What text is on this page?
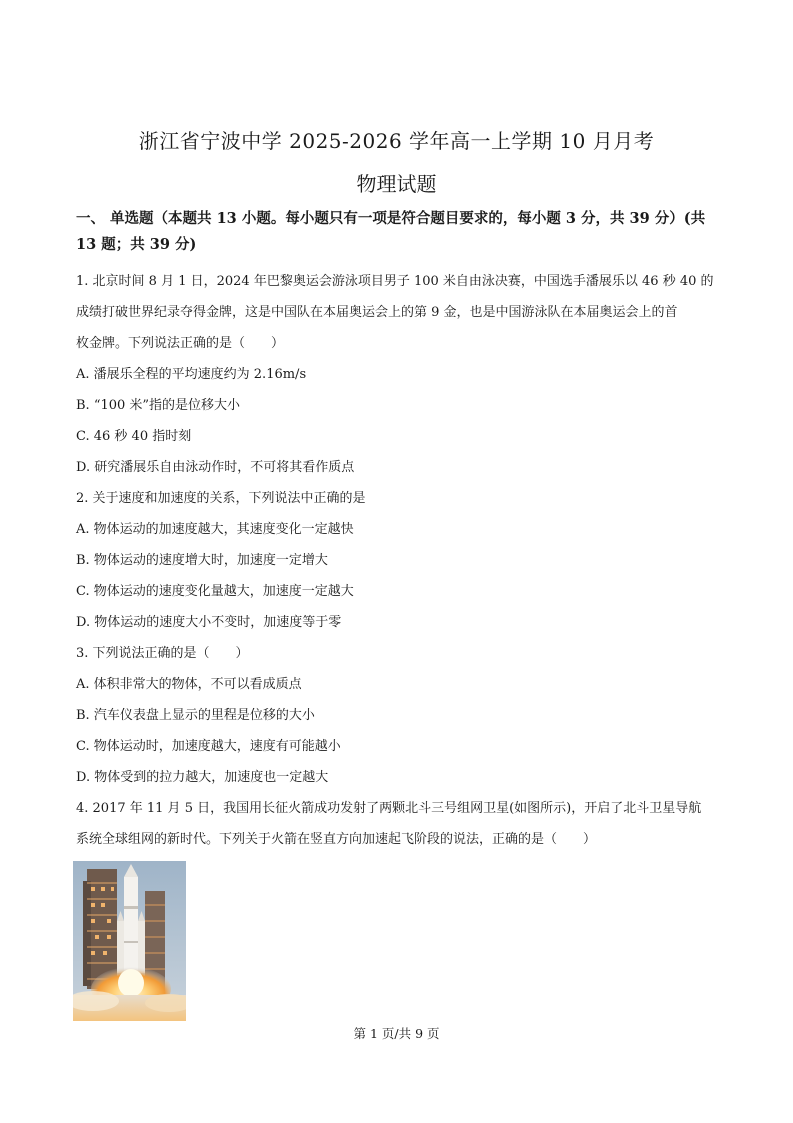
浙江省宁波中学 2025-2026 学年高一上学期 10 月月考
物理试题
一、 单选题（本题共 13 小题。每小题只有一项是符合题目要求的，每小题 3 分，共 39 分）(共 13 题；共 39 分)

1. 北京时间 8 月 1 日，2024 年巴黎奥运会游泳项目男子 100 米自由泳决赛，中国选手潘展乐以 46 秒 40 的

成绩打破世界纪录夺得金牌，这是中国队在本届奥运会上的第 9 金，也是中国游泳队在本届奥运会上的首

枚金牌。下列说法正确的是（　　）

A. 潘展乐全程的平均速度约为 2.16m/s

B. “100 米”指的是位移大小

C. 46 秒 40 指时刻

D. 研究潘展乐自由泳动作时，不可将其看作质点

2. 关于速度和加速度的关系，下列说法中正确的是

A. 物体运动的加速度越大，其速度变化一定越快

B. 物体运动的速度增大时，加速度一定增大

C. 物体运动的速度变化量越大，加速度一定越大

D. 物体运动的速度大小不变时，加速度等于零

3. 下列说法正确的是（　　）

A. 体积非常大的物体，不可以看成质点

B. 汽车仪表盘上显示的里程是位移的大小

C. 物体运动时，加速度越大，速度有可能越小

D. 物体受到的拉力越大，加速度也一定越大

4. 2017 年 11 月 5 日，我国用长征火箭成功发射了两颗北斗三号组网卫星(如图所示)，开启了北斗卫星导航

系统全球组网的新时代。下列关于火箭在竖直方向加速起飞阶段的说法，正确的是（　　）

第 1 页/共 9 页
